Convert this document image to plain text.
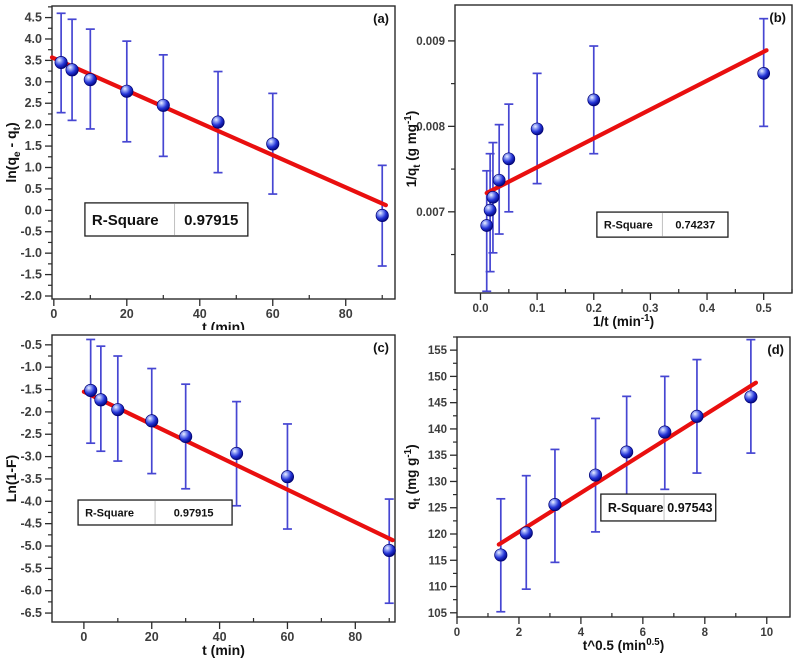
0	20	40	60	80
-2.0
-1.5
-1.0
-0.5
0.0
0.5
1.0
1.5
2.0
2.5
3.0
3.5
4.0
4.5
R-Square 0.97915
(a)
t (min)
$\ln(q_e - q_t)$
0.0	0.1	0.2	0.3	0.4	0.5
0.007
0.008
0.009
R-Square 0.74237
(b)
1/t $(\min^{-1})$
$1/q_t$ (g $mg^{-1}$)
0	20	40	60	80
-6.5
-6.0
-5.5
-5.0
-4.5
-4.0
-3.5
-3.0
-2.5
-2.0
-1.5
-1.0
-0.5
R-Square	0.97915
(c)
t (min)
Ln(1-F)
0	2	4	6	8	10
105
110
115
120
125
130
135
140
145
150
155
R-Square 0.97543
(d)
t^0.5 $(\min^{0.5})$
$q_t$ (mg $g^{-1}$)
